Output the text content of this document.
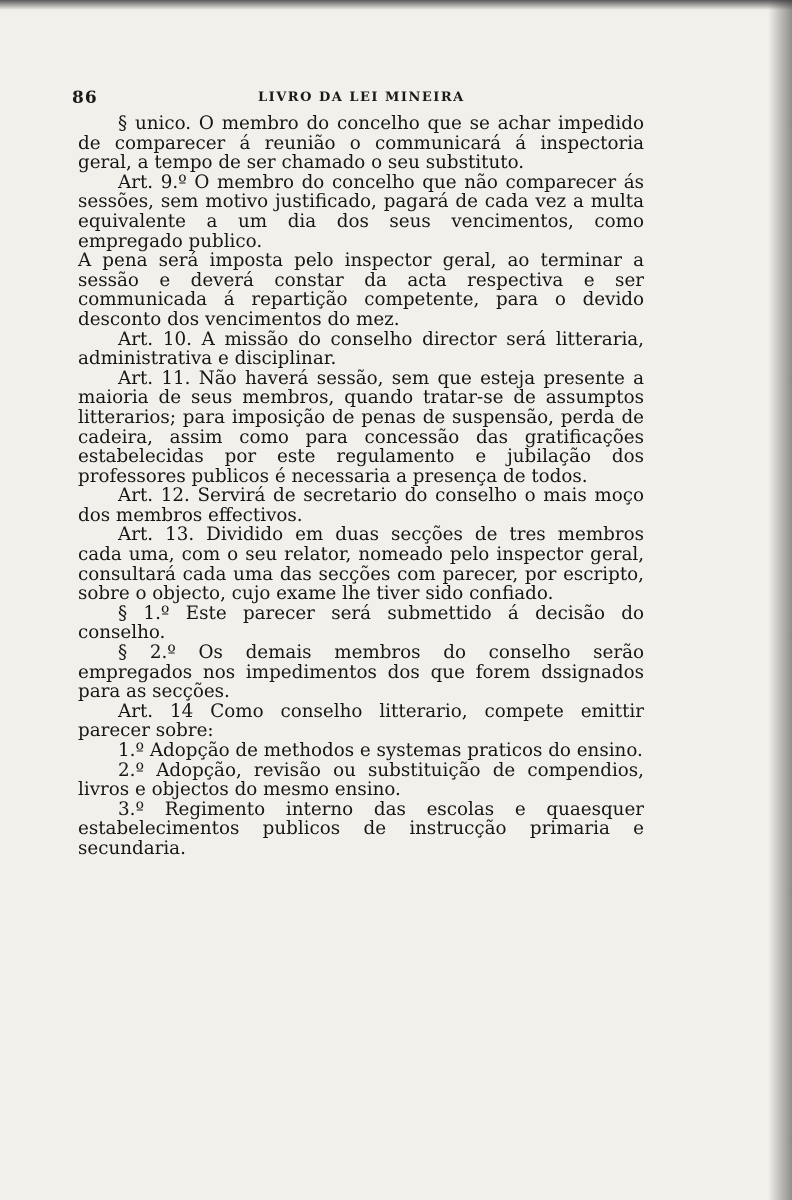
86	LIVRO DA LEI MINEIRA

§ unico. O membro do concelho que se achar impedido de comparecer á reunião o communicará á inspectoria geral, a tempo de ser chamado o seu substituto.

Art. 9.º O membro do concelho que não comparecer ás sessões, sem motivo justificado, pagará de cada vez a multa equivalente a um dia dos seus vencimentos, como empregado publico.

A pena será imposta pelo inspector geral, ao terminar a sessão e deverá constar da acta respectiva e ser communicada á repartição competente, para o devido desconto dos vencimentos do mez.

Art. 10. A missão do conselho director será litteraria, administrativa e disciplinar.

Art. 11. Não haverá sessão, sem que esteja presente a maioria de seus membros, quando tratar-se de assumptos litterarios; para imposição de penas de suspensão, perda de cadeira, assim como para concessão das gratificações estabelecidas por este regulamento e jubilação dos professores publicos é necessaria a presença de todos.

Art. 12. Servirá de secretario do conselho o mais moço dos membros effectivos.

Art. 13. Dividido em duas secções de tres membros cada uma, com o seu relator, nomeado pelo inspector geral, consultará cada uma das secções com parecer, por escripto, sobre o objecto, cujo exame lhe tiver sido confiado.

§ 1.º Este parecer será submettido á decisão do conselho.

§ 2.º Os demais membros do conselho serão empregados nos impedimentos dos que forem dssignados para as secções.

Art. 14 Como conselho litterario, compete emittir parecer sobre:

1.º Adopção de methodos e systemas praticos do ensino.

2.º Adopção, revisão ou substituição de compendios, livros e objectos do mesmo ensino.

3.º Regimento interno das escolas e quaesquer estabelecimentos publicos de instrucção primaria e secundaria.
